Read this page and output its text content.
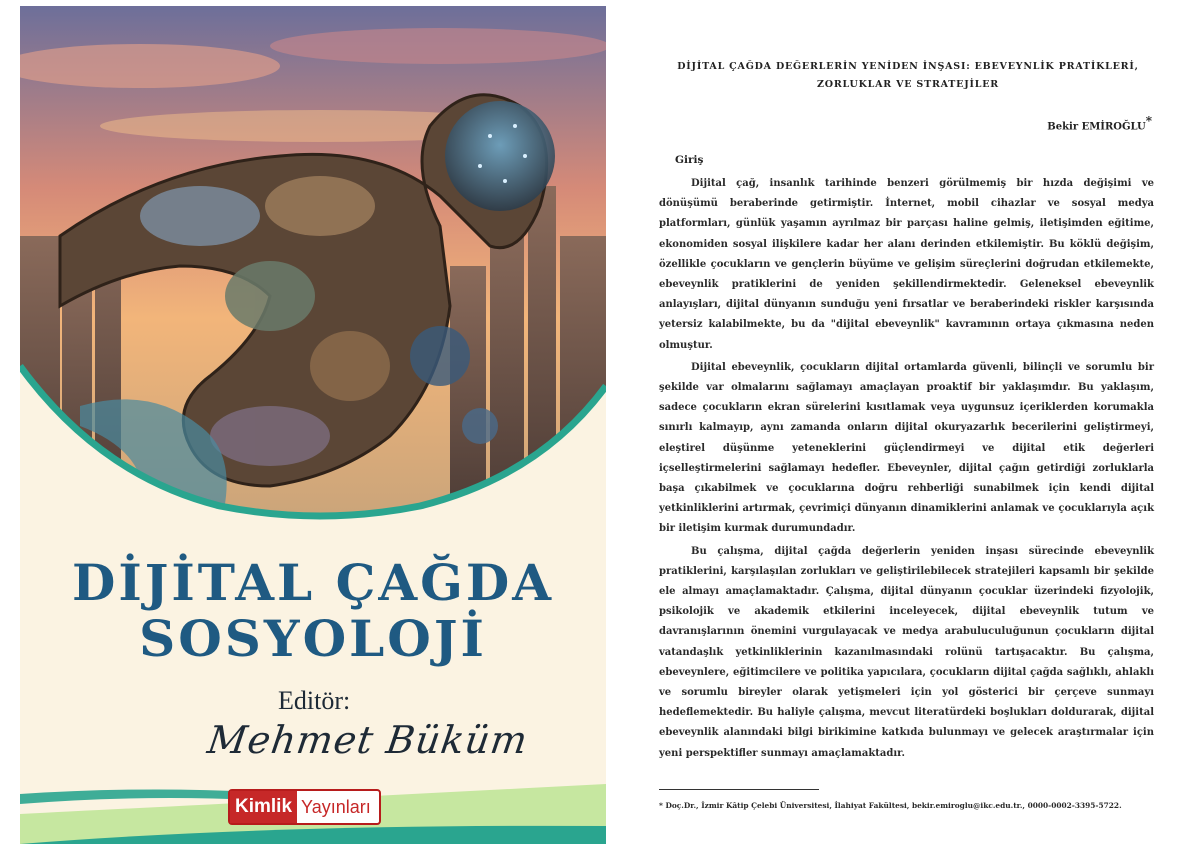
DİJİTAL ÇAĞDA
SOSYOLOJİ
Editör:
Mehmet Büküm
Kimlik Yayınları
DİJİTAL ÇAĞDA DEĞERLERİN YENİDEN İNŞASI: EBEVEYNLİK PRATİKLERİ,
ZORLUKLAR VE STRATEJİLER
Bekir EMİROĞLU*
Giriş

Dijital çağ, insanlık tarihinde benzeri görülmemiş bir hızda değişimi ve dönüşümü beraberinde getirmiştir. İnternet, mobil cihazlar ve sosyal medya platformları, günlük yaşamın ayrılmaz bir parçası haline gelmiş, iletişimden eğitime, ekonomiden sosyal ilişkilere kadar her alanı derinden etkilemiştir. Bu köklü değişim, özellikle çocukların ve gençlerin büyüme ve gelişim süreçlerini doğrudan etkilemekte, ebeveynlik pratiklerini de yeniden şekillendirmektedir. Geleneksel ebeveynlik anlayışları, dijital dünyanın sunduğu yeni fırsatlar ve beraberindeki riskler karşısında yetersiz kalabilmekte, bu da "dijital ebeveynlik" kavramının ortaya çıkmasına neden olmuştur.

Dijital ebeveynlik, çocukların dijital ortamlarda güvenli, bilinçli ve sorumlu bir şekilde var olmalarını sağlamayı amaçlayan proaktif bir yaklaşımdır. Bu yaklaşım, sadece çocukların ekran sürelerini kısıtlamak veya uygunsuz içeriklerden korumakla sınırlı kalmayıp, aynı zamanda onların dijital okuryazarlık becerilerini geliştirmeyi, eleştirel düşünme yeteneklerini güçlendirmeyi ve dijital etik değerleri içselleştirmelerini sağlamayı hedefler. Ebeveynler, dijital çağın getirdiği zorluklarla başa çıkabilmek ve çocuklarına doğru rehberliği sunabilmek için kendi dijital yetkinliklerini artırmak, çevrimiçi dünyanın dinamiklerini anlamak ve çocuklarıyla açık bir iletişim kurmak durumundadır.

Bu çalışma, dijital çağda değerlerin yeniden inşası sürecinde ebeveynlik pratiklerini, karşılaşılan zorlukları ve geliştirilebilecek stratejileri kapsamlı bir şekilde ele almayı amaçlamaktadır. Çalışma, dijital dünyanın çocuklar üzerindeki fizyolojik, psikolojik ve akademik etkilerini inceleyecek, dijital ebeveynlik tutum ve davranışlarının önemini vurgulayacak ve medya arabuluculuğunun çocukların dijital vatandaşlık yetkinliklerinin kazanılmasındaki rolünü tartışacaktır. Bu çalışma, ebeveynlere, eğitimcilere ve politika yapıcılara, çocukların dijital çağda sağlıklı, ahlaklı ve sorumlu bireyler olarak yetişmeleri için yol gösterici bir çerçeve sunmayı hedeflemektedir. Bu haliyle çalışma, mevcut literatürdeki boşlukları doldurarak, dijital ebeveynlik alanındaki bilgi birikimine katkıda bulunmayı ve gelecek araştırmalar için yeni perspektifler sunmayı amaçlamaktadır.

* Doç.Dr., İzmir Kâtip Çelebi Üniversitesi, İlahiyat Fakültesi, bekir.emiroglu@ikc.edu.tr., 0000-0002-3395-5722.
